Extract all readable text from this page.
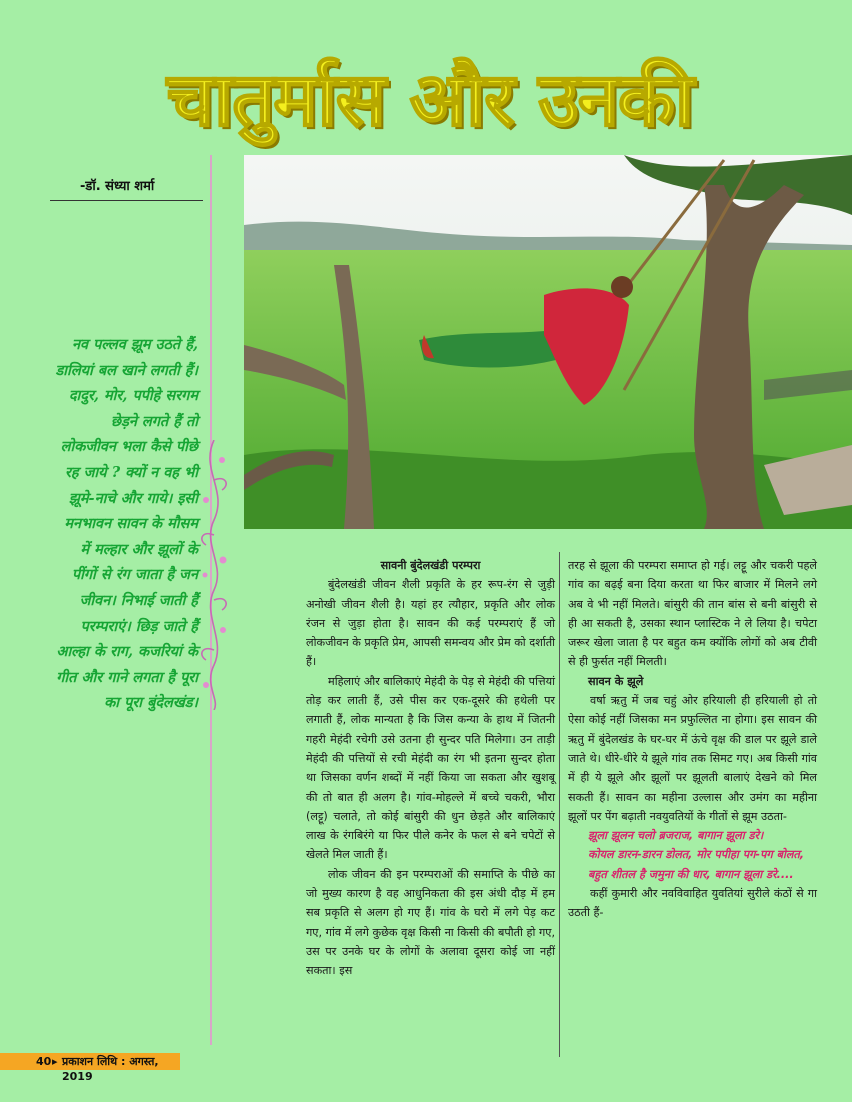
चातुर्मास और उनकी
-डॉ. संध्या शर्मा
नव पल्लव झूम उठते हैं, डालियां बल खाने लगती हैं। दादुर, मोर, पपीहे सरगम छेड़ने लगते हैं तो लोकजीवन भला कैसे पीछे रह जाये ? क्यों न वह भी झूमे-नाचे और गाये। इसी मनभावन सावन के मौसम में मल्हार और झूलों के पींगों से रंग जाता है जन जीवन। निभाई जाती हैं परम्पराएं। छिड़ जाते हैं आल्हा के राग, कजरियां के गीत और गाने लगता है पूरा का पूरा बुंदेलखंड।
सावनी बुंदेलखंडी परम्परा

बुंदेलखंडी जीवन शैली प्रकृति के हर रूप-रंग से जुड़ी अनोखी जीवन शैली है। यहां हर त्यौहार, प्रकृति और लोक रंजन से जुड़ा होता है। सावन की कई परम्पराएं हैं जो लोकजीवन के प्रकृति प्रेम, आपसी समन्वय और प्रेम को दर्शाती हैं।

महिलाएं और बालिकाएं मेहंदी के पेड़ से मेहंदी की पत्तियां तोड़ कर लाती हैं, उसे पीस कर एक-दूसरे की हथेली पर लगाती हैं, लोक मान्यता है कि जिस कन्या के हाथ में जितनी गहरी मेहंदी रचेगी उसे उतना ही सुन्दर पति मिलेगा। उन ताड़ी मेहंदी की पत्तियों से रची मेहंदी का रंग भी इतना सुन्दर होता था जिसका वर्णन शब्दों में नहीं किया जा सकता और खुशबू की तो बात ही अलग है। गांव-मोहल्ले में बच्चे चकरी, भौरा (लट्टू) चलाते, तो कोई बांसुरी की धुन छेड़ते और बालिकाएं लाख के रंगबिरंगे या फिर पीले कनेर के फल से बने चपेटों से खेलते मिल जाती हैं।

लोक जीवन की इन परम्पराओं की समाप्ति के पीछे का जो मुख्य कारण है वह आधुनिकता की इस अंधी दौड़ में हम सब प्रकृति से अलग हो गए हैं। गांव के घरो में लगे पेड़ कट गए, गांव में लगे कुछेक वृक्ष किसी ना किसी की बपौती हो गए, उस पर उनके घर के लोगों के अलावा दूसरा कोई जा नहीं सकता। इस

तरह से झूला की परम्परा समाप्त हो गई। लट्टू और चकरी पहले गांव का बढ़ई बना दिया करता था फिर बाजार में मिलने लगे अब वे भी नहीं मिलते। बांसुरी की तान बांस से बनी बांसुरी से ही आ सकती है, उसका स्थान प्लास्टिक ने ले लिया है। चपेटा जरूर खेला जाता है पर बहुत कम क्योंकि लोगों को अब टीवी से ही फुर्सत नहीं मिलती।

सावन के झूले

वर्षा ऋतु में जब चहुं ओर हरियाली ही हरियाली हो तो ऐसा कोई नहीं जिसका मन प्रफुल्लित ना होगा। इस सावन की ऋतु में बुंदेलखंड के घर-घर में ऊंचे वृक्ष की डाल पर झूले डाले जाते थे। धीरे-धीरे ये झूले गांव तक सिमट गए। अब किसी गांव में ही ये झूले और झूलों पर झूलती बालाएं देखने को मिल सकती हैं। सावन का महीना उल्लास और उमंग का महीना झूलों पर पेंग बढ़ाती नवयुवतियों के गीतों से झूम उठता-

झूला झूलन चलो ब्रजराज, बागान झूला डरे।

कोयल डारन-डारन डोलत, मोर पपीहा पग-पग बोलत,

बहुत शीतल है जमुना की धार, बागान झूला डरे....

कहीं कुमारी और नवविवाहित युवतियां सुरीले कंठों से गा उठती हैं-

40 ▸ प्रकाशन लिथि : अगस्त, 2019
